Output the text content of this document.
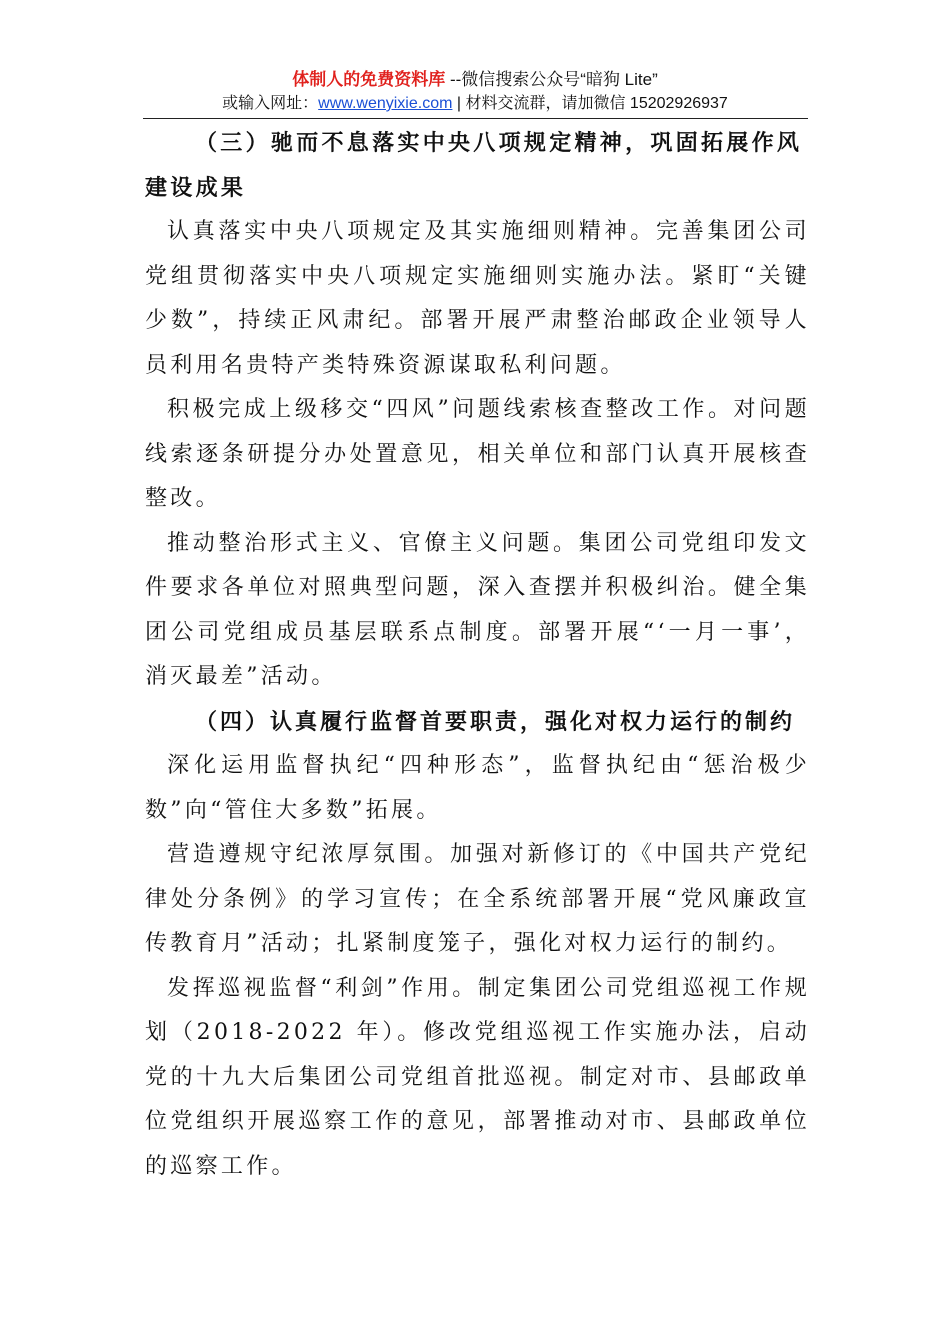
体制人的免费资料库 --微信搜索公众号“暗狗 Lite”
或输入网址：www.wenyixie.com | 材料交流群，请加微信 15202926937

（三）驰而不息落实中央八项规定精神，巩固拓展作风建设成果

认真落实中央八项规定及其实施细则精神。完善集团公司党组贯彻落实中央八项规定实施细则实施办法。紧盯“关键少数”，持续正风肃纪。部署开展严肃整治邮政企业领导人员利用名贵特产类特殊资源谋取私利问题。

积极完成上级移交“四风”问题线索核查整改工作。对问题线索逐条研提分办处置意见，相关单位和部门认真开展核查整改。

推动整治形式主义、官僚主义问题。集团公司党组印发文件要求各单位对照典型问题，深入查摆并积极纠治。健全集团公司党组成员基层联系点制度。部署开展“‘一月一事’，消灭最差”活动。

（四）认真履行监督首要职责，强化对权力运行的制约

深化运用监督执纪“四种形态”，监督执纪由“惩治极少数”向“管住大多数”拓展。

营造遵规守纪浓厚氛围。加强对新修订的《中国共产党纪律处分条例》的学习宣传；在全系统部署开展“党风廉政宣传教育月”活动；扎紧制度笼子，强化对权力运行的制约。

发挥巡视监督“利剑”作用。制定集团公司党组巡视工作规划（2018-2022 年）。修改党组巡视工作实施办法，启动党的十九大后集团公司党组首批巡视。制定对市、县邮政单位党组织开展巡察工作的意见，部署推动对市、县邮政单位的巡察工作。
